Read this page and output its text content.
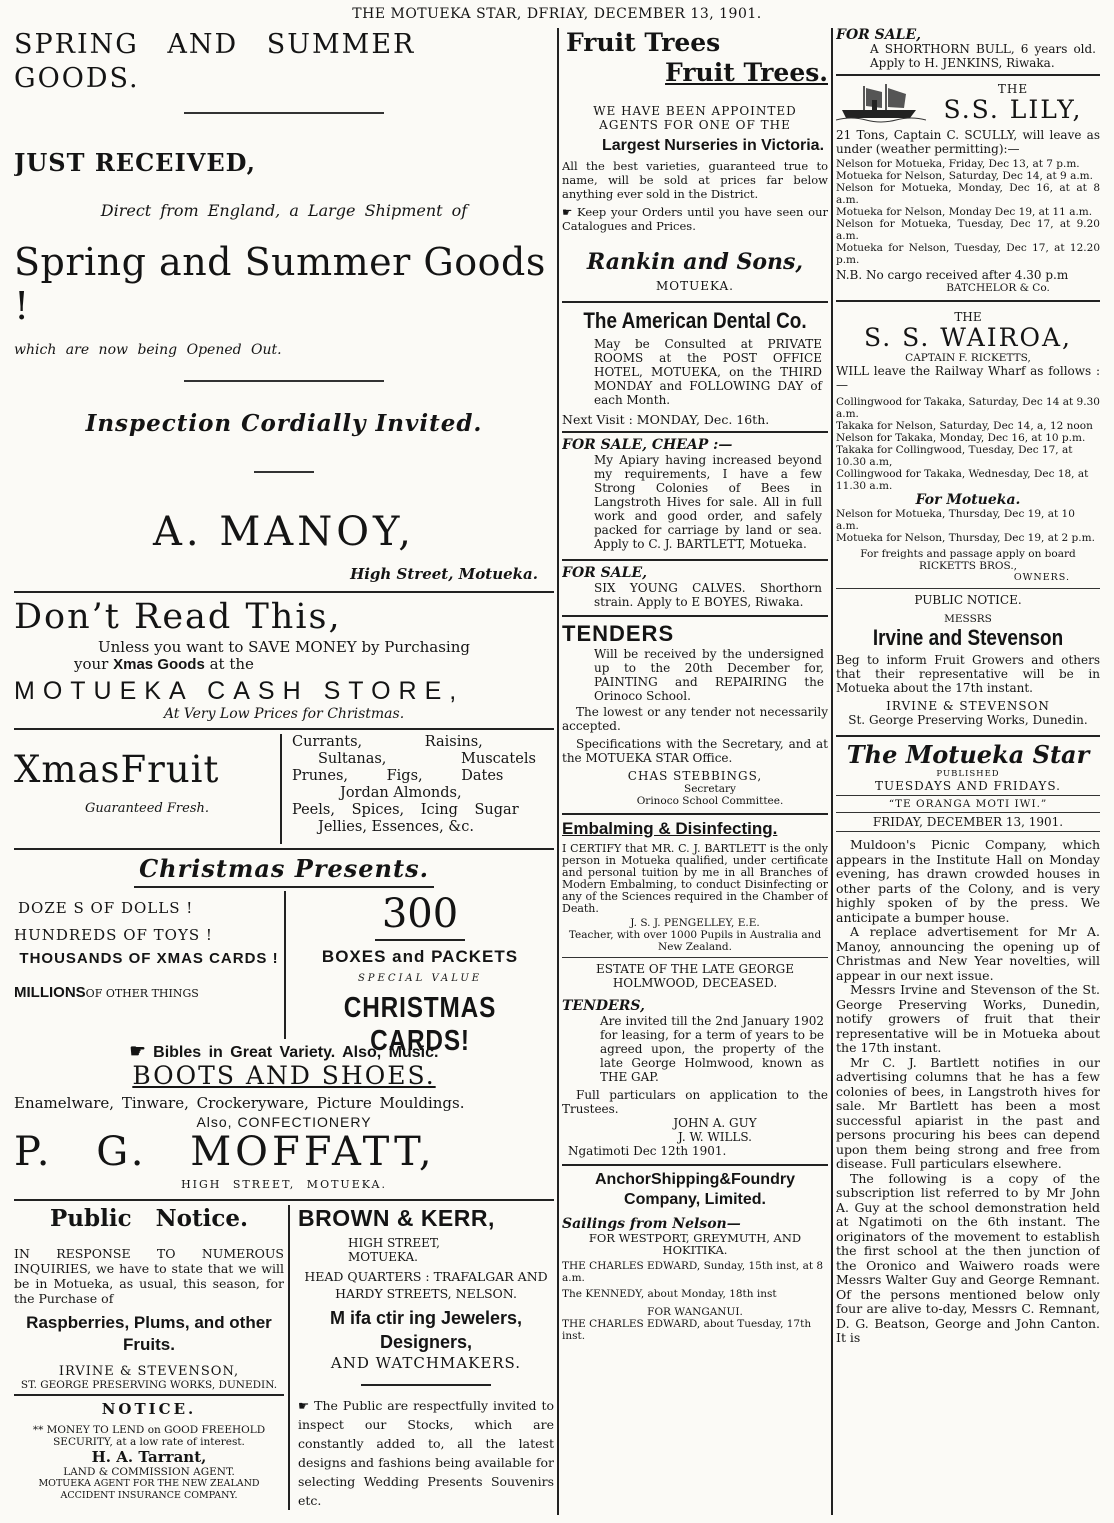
THE MOTUEKA STAR, DFRIAY, DECEMBER 13, 1901.
SPRING AND SUMMER GOODS.
JUST RECEIVED,
Direct from England, a Large Shipment of
Spring and Summer Goods !
which are now being Opened Out.
Inspection Cordially Invited.
A. MANOY,
High Street, Motueka.
Don’t Read This,
Unless you want to SAVE MONEY by Purchasing
your Xmas Goods at the
MOTUEKA CASH STORE,
At Very Low Prices for Christmas.
XmasFruit
Guaranteed Fresh.
Currants, Raisins,
Sultanas, Muscatels
Prunes, Figs, Dates
Jordan Almonds,
Peels, Spices, Icing Sugar
Jellies, Essences, &c.
Christmas Presents.
DOZE S OF DOLLS !
HUNDREDS OF TOYS !
THOUSANDS OF XMAS CARDS !
MILLIONSOF OTHER THINGS
300
BOXES and PACKETS
SPECIAL VALUE
CHRISTMAS CARDS!
☛ Bibles in Great Variety. Also, Music.
BOOTS AND SHOES.
Enamelware, Tinware, Crockeryware, Picture Mouldings.
Also, CONFECTIONERY
P. G. MOFFATT,
HIGH STREET, MOTUEKA.
Public Notice.
IN RESPONSE TO NUMEROUS INQUIRIES, we have to state that we will be in Motueka, as usual, this season, for the Purchase of
Raspberries, Plums, and other Fruits.
IRVINE & STEVENSON,
ST. GEORGE PRESERVING WORKS, DUNEDIN.
NOTICE.
** MONEY TO LEND on GOOD FREEHOLD SECURITY, at a low rate of interest.
H. A. Tarrant,
LAND & COMMISSION AGENT.
MOTUEKA AGENT FOR THE NEW ZEALAND ACCIDENT INSURANCE COMPANY.
BROWN & KERR,
HIGH STREET,
MOTUEKA.
HEAD QUARTERS : TRAFALGAR AND HARDY STREETS, NELSON.
M ifa ctir ing Jewelers, Designers,
AND WATCHMAKERS.
☛ The Public are respectfully invited to inspect our Stocks, which are constantly added to, all the latest designs and fashions being available for selecting Wedding Presents Souvenirs etc.
Fruit Trees
Fruit Trees.
WE HAVE BEEN APPOINTED AGENTS FOR ONE OF THE
Largest Nurseries in Victoria.
All the best varieties, guaranteed true to name, will be sold at prices far below anything ever sold in the District.
☛ Keep your Orders until you have seen our Catalogues and Prices.
Rankin and Sons,
MOTUEKA.
The American Dental Co.
May be Consulted at PRIVATE ROOMS at the POST OFFICE HOTEL, MOTUEKA, on the THIRD MONDAY and FOLLOWING DAY of each Month.
Next Visit : MONDAY, Dec. 16th.
FOR SALE, CHEAP :—
My Apiary having increased beyond my requirements, I have a few Strong Colonies of Bees in Langstroth Hives for sale. All in full work and good order, and safely packed for carriage by land or sea. Apply to C. J. BARTLETT, Motueka.
FOR SALE,
SIX YOUNG CALVES. Shorthorn strain. Apply to E BOYES, Riwaka.
TENDERS
Will be received by the undersigned up to the 20th December for, PAINTING and REPAIRING the Orinoco School.
The lowest or any tender not necessarily accepted.
Specifications with the Secretary, and at the MOTUEKA STAR Office.
CHAS STEBBINGS,
Secretary
Orinoco School Committee.
Embalming & Disinfecting.
I CERTIFY that MR. C. J. BARTLETT is the only person in Motueka qualified, under certificate and personal tuition by me in all Branches of Modern Embalming, to conduct Disinfecting or any of the Sciences required in the Chamber of Death.
J. S. J. PENGELLEY, E.E.
Teacher, with over 1000 Pupils in Australia and New Zealand.
ESTATE OF THE LATE GEORGE HOLMWOOD, DECEASED.
TENDERS,
Are invited till the 2nd January 1902 for leasing, for a term of years to be agreed upon, the property of the late George Holmwood, known as THE GAP.
Full particulars on application to the Trustees.
JOHN A. GUY
J. W. WILLS.
Ngatimoti Dec 12th 1901.
AnchorShipping&Foundry Company, Limited.
Sailings from Nelson—
FOR WESTPORT, GREYMUTH, AND HOKITIKA.
THE CHARLES EDWARD, Sunday, 15th inst, at 8 a.m.
The KENNEDY, about Monday, 18th inst
FOR WANGANUI.
THE CHARLES EDWARD, about Tuesday, 17th inst.
FOR SALE,
A SHORTHORN BULL, 6 years old. Apply to H. JENKINS, Riwaka.
THE
S.S. LILY,
21 Tons, Captain C. SCULLY, will leave as under (weather permitting):—
Nelson for Motueka, Friday, Dec 13, at 7 p.m.
Motueka for Nelson, Saturday, Dec 14, at 9 a.m.
Nelson for Motueka, Monday, Dec 16, at at 8 a.m.
Motueka for Nelson, Monday Dec 19, at 11 a.m.
Nelson for Motueka, Tuesday, Dec 17, at 9.20 a.m.
Motueka for Nelson, Tuesday, Dec 17, at 12.20 p.m.
N.B. No cargo received after 4.30 p.m
BATCHELOR & Co.
THE
S. S. WAIROA,
CAPTAIN F. RICKETTS,
WILL leave the Railway Wharf as follows :—
Collingwood for Takaka, Saturday, Dec 14 at 9.30 a.m.
Takaka for Nelson, Saturday, Dec 14, a, 12 noon
Nelson for Takaka, Monday, Dec 16, at 10 p.m.
Takaka for Collingwood, Tuesday, Dec 17, at 10.30 a.m,
Collingwood for Takaka, Wednesday, Dec 18, at 11.30 a.m.
For Motueka.
Nelson for Motueka, Thursday, Dec 19, at 10 a.m.
Motueka for Nelson, Thursday, Dec 19, at 2 p.m.
For freights and passage apply on board
RICKETTS BROS.,
OWNERS.
PUBLIC NOTICE.
MESSRS
Irvine and Stevenson
Beg to inform Fruit Growers and others that their representative will be in Motueka about the 17th instant.
IRVINE & STEVENSON
St. George Preserving Works, Dunedin.
The Motueka Star
PUBLISHED
TUESDAYS AND FRIDAYS.
“TE ORANGA MOTI IWI.”
FRIDAY, DECEMBER 13, 1901.
Muldoon's Picnic Company, which appears in the Institute Hall on Monday evening, has drawn crowded houses in other parts of the Colony, and is very highly spoken of by the press. We anticipate a bumper house.
A replace advertisement for Mr A. Manoy, announcing the opening up of Christmas and New Year novelties, will appear in our next issue.
Messrs Irvine and Stevenson of the St. George Preserving Works, Dunedin, notify growers of fruit that their representative will be in Motueka about the 17th instant.
Mr C. J. Bartlett notifies in our advertising columns that he has a few colonies of bees, in Langstroth hives for sale. Mr Bartlett has been a most successful apiarist in the past and persons procuring his bees can depend upon them being strong and free from disease. Full particulars elsewhere.
The following is a copy of the subscription list referred to by Mr John A. Guy at the school demonstration held at Ngatimoti on the 6th instant. The originators of the movement to establish the first school at the then junction of the Oronico and Waiwero roads were Messrs Walter Guy and George Remnant. Of the persons mentioned below only four are alive to-day, Messrs C. Remnant, D. G. Beatson, George and John Canton. It is
